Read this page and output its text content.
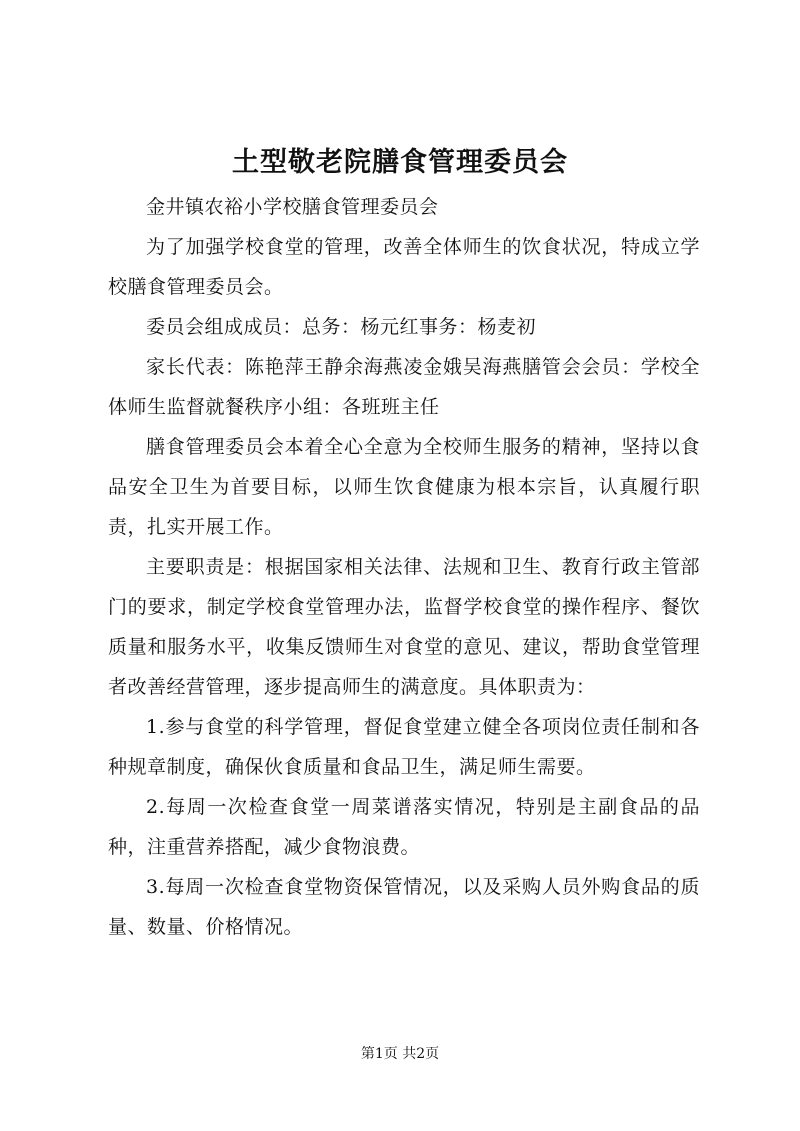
土型敬老院膳食管理委员会

金井镇农裕小学校膳食管理委员会

为了加强学校食堂的管理，改善全体师生的饮食状况，特成立学校膳食管理委员会。

委员会组成成员：总务：杨元红事务：杨麦初

家长代表：陈艳萍王静余海燕凌金娥吴海燕膳管会会员：学校全体师生监督就餐秩序小组：各班班主任

膳食管理委员会本着全心全意为全校师生服务的精神，坚持以食品安全卫生为首要目标，以师生饮食健康为根本宗旨，认真履行职责，扎实开展工作。

主要职责是：根据国家相关法律、法规和卫生、教育行政主管部门的要求，制定学校食堂管理办法，监督学校食堂的操作程序、餐饮质量和服务水平，收集反馈师生对食堂的意见、建议，帮助食堂管理者改善经营管理，逐步提高师生的满意度。具体职责为：

1.参与食堂的科学管理，督促食堂建立健全各项岗位责任制和各种规章制度，确保伙食质量和食品卫生，满足师生需要。

2.每周一次检查食堂一周菜谱落实情况，特别是主副食品的品种，注重营养搭配，减少食物浪费。

3.每周一次检查食堂物资保管情况，以及采购人员外购食品的质量、数量、价格情况。

第1页 共2页
